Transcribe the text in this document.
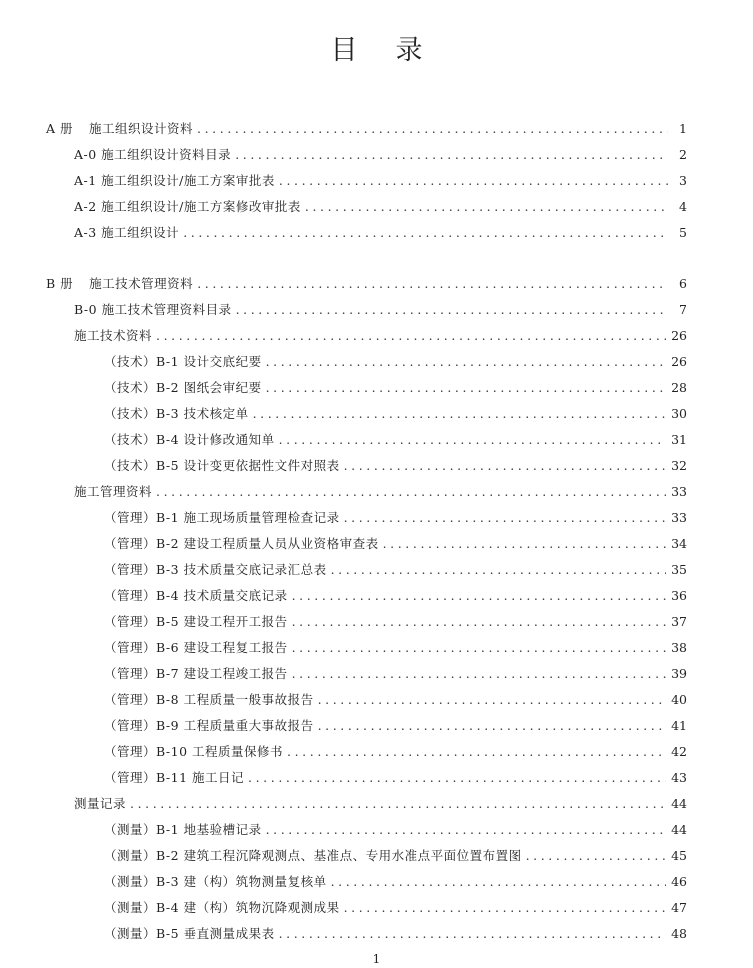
目 录
A 册 施工组织设计资料 .....	1
A-0 施工组织设计资料目录 .....	2
A-1 施工组织设计/施工方案审批表 .....	3
A-2 施工组织设计/施工方案修改审批表 .....	4
A-3 施工组织设计 .....	5
B 册 施工技术管理资料 .....	6
B-0 施工技术管理资料目录 .....	7
施工技术资料 .....	26
（技术）B-1 设计交底纪要 .....	26
（技术）B-2 图纸会审纪要 .....	28
（技术）B-3 技术核定单 .....	30
（技术）B-4 设计修改通知单 .....	31
（技术）B-5 设计变更依据性文件对照表 .....	32
施工管理资料 .....	33
（管理）B-1 施工现场质量管理检查记录 .....	33
（管理）B-2 建设工程质量人员从业资格审查表 .....	34
（管理）B-3 技术质量交底记录汇总表 .....	35
（管理）B-4 技术质量交底记录 .....	36
（管理）B-5 建设工程开工报告 .....	37
（管理）B-6 建设工程复工报告 .....	38
（管理）B-7 建设工程竣工报告 .....	39
（管理）B-8 工程质量一般事故报告 .....	40
（管理）B-9 工程质量重大事故报告 .....	41
（管理）B-10 工程质量保修书 .....	42
（管理）B-11 施工日记 .....	43
测量记录 .....	44
（测量）B-1 地基验槽记录 .....	44
（测量）B-2 建筑工程沉降观测点、基准点、专用水准点平面位置布置图 .....	45
（测量）B-3 建（构）筑物测量复核单 .....	46
（测量）B-4 建（构）筑物沉降观测成果 .....	47
（测量）B-5 垂直测量成果表 .....	48
1
